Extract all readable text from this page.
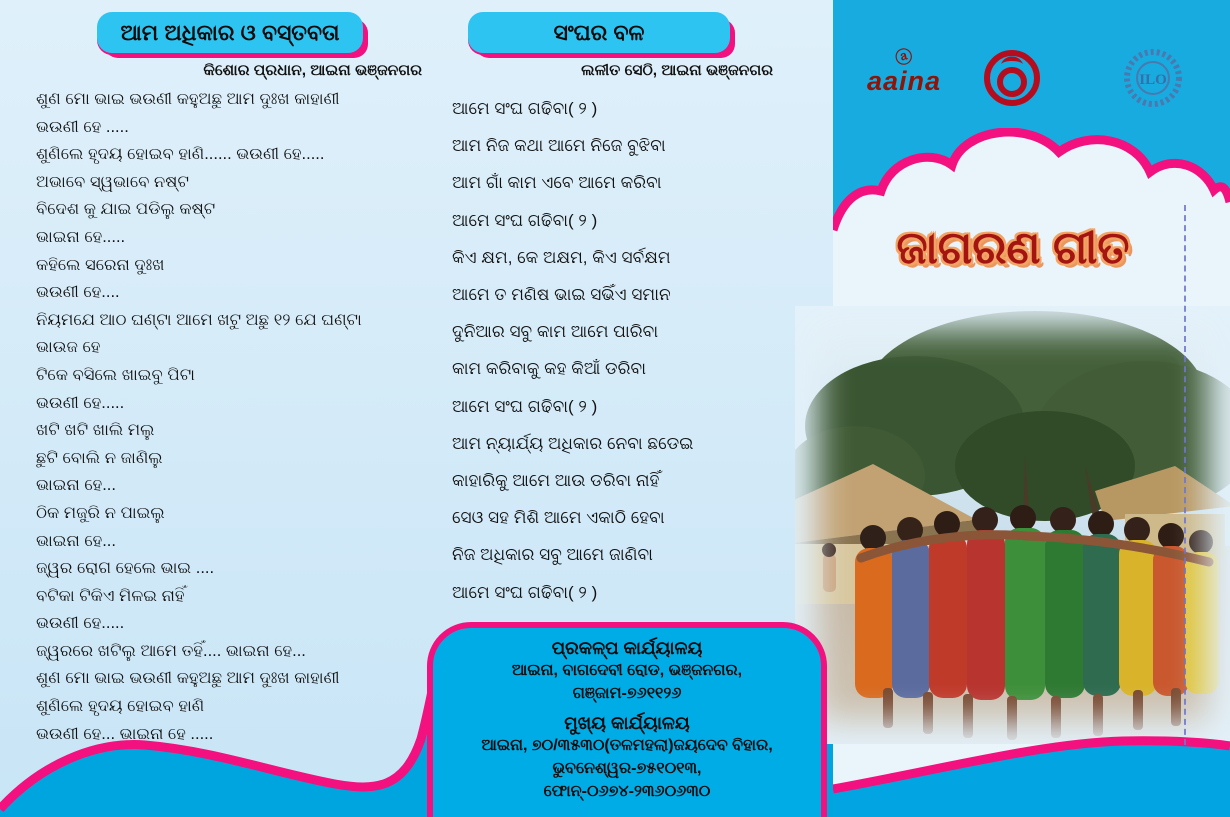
ଆମ ଅଧିକାର ଓ ବସ୍ତବତା
କିଶୋର ପ୍ରଧାନ, ଆଇନା ଭଞ୍ଜନଗର
ଶୁଣ ମୋ ଭାଇ ଭଉଣୀ କହୁଅଛୁ ଆମ ଦୁଃଖ କାହାଣୀ
ଭଉଣୀ ହେ .....
ଶୁଣିଲେ ହୃଦୟ ହୋଇବ ହାଣି...... ଭଉଣୀ ହେ.....
ଅଭାବେ ସ୍ୱଭାବେ ନଷ୍ଟ
ବିଦେଶ କୁ ଯାଇ ପଡିଲୁ କଷ୍ଟ
ଭାଇନା ହେ.....
କହିଲେ ସରେନା ଦୁଃଖ
ଭଉଣୀ ହେ....
ନିୟମଯେ ଆଠ ଘଣ୍ଟା ଆମେ ଖଟୁ ଅଛୁ ୧୨ ଯେ ଘଣ୍ଟା
ଭାଉଜ ହେ
ଟିକେ ବସିଲେ ଖାଇବୁ ପିଟା
ଭଉଣୀ ହେ.....
ଖଟି ଖଟି ଖାଲି ମଲୁ
ଛୁଟି ବୋଲି ନ ଜାଣିଲୁ
ଭାଇନା ହେ...
ଠିକ ମଜୁରି ନ ପାଇଲୁ
ଭାଇନା ହେ...
ଜ୍ୱର ରୋଗ ହେଲେ ଭାଇ ....
ବଟିକା ଟିକିଏ ମିଳଇ ନାହିଁ
ଭଉଣୀ ହେ.....
ଜ୍ୱରରେ ଖଟିଲୁ ଆମେ ତହିଁ.... ଭାଇନା ହେ...
ଶୁଣ ମୋ ଭାଇ ଭଉଣୀ କହୁଅଛୁ ଆମ ଦୁଃଖ କାହାଣୀ
ଶୁଣିଲେ ହୃଦୟ ହୋଇବ ହାଣି
ଭଉଣୀ ହେ... ଭାଇନା ହେ .....
ସଂଘର ବଳ
ଲଳୀତ ସେଠି, ଆଇନା ଭଞ୍ଜନଗର
ଆମେ ସଂଘ ଗଢିବା( ୨ )
ଆମ ନିଜ କଥା ଆମେ ନିଜେ ବୁଝିବା
ଆମ ଗାଁ କାମ ଏବେ ଆମେ କରିବା
ଆମେ ସଂଘ ଗଢିବା( ୨ )
କିଏ କ୍ଷମ, କେ ଅକ୍ଷମ, କିଏ ସର୍ବକ୍ଷମ
ଆମେ ତ ମଣିଷ ଭାଇ ସଭିଁଏ ସମାନ
ଦୁନିଆର ସବୁ କାମ ଆମେ ପାରିବା
କାମ କରିବାକୁ କହ କିଆଁ ଡରିବା
ଆମେ ସଂଘ ଗଢିବା( ୨ )
ଆମ ନ୍ୟାର୍ଯ୍ୟ ଅଧିକାର ନେବା ଛଡେଇ
କାହାରିକୁ ଆମେ ଆଉ ଡରିବା ନାହିଁ
ସେଓ ସହ ମିଶି ଆମେ ଏକାଠି ହେବା
ନିଜ ଅଧିକାର ସବୁ ଆମେ ଜାଣିବା
ଆମେ ସଂଘ ଗଢିବା( ୨ )
ପ୍ରକଳ୍ପ କାର୍ଯ୍ୟାଳୟ
ଆଇନା, ବାଗଦେବୀ ରୋଡ, ଭଞ୍ଜନଗର,
ଗଞ୍ଜାମ-୭୬୧୧୨୬
ମୁଖ୍ୟ କାର୍ଯ୍ୟାଳୟ
ଆଇନା, ୭୦/୩୫୩୦(ତଳମହଲା)ଜୟଦେବ ବିହାର,
ଭୁବନେଶ୍ୱର-୭୫୧୦୧୩,
ଫୋନ୍-୦୬୭୪-୨୩୬୦୬୩୦
ⓐ
aaina	ILO
ଜାଗରଣ ଗୀତ
